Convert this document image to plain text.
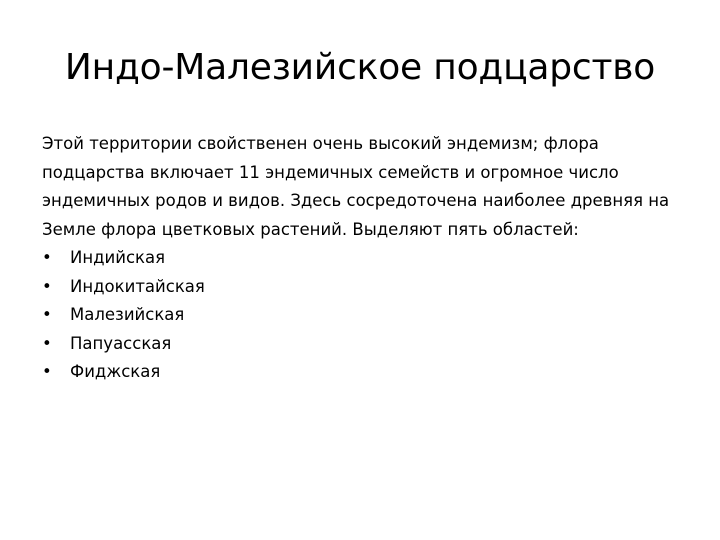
Индо-Малезийское подцарство

Этой территории свойственен очень высокий эндемизм; флора
подцарства включает 11 эндемичных семейств и огромное число
эндемичных родов и видов. Здесь сосредоточена наиболее древняя на
Земле флора цветковых растений. Выделяют пять областей:

• Индийская
• Индокитайская
• Малезийская
• Папуасская
• Фиджская
